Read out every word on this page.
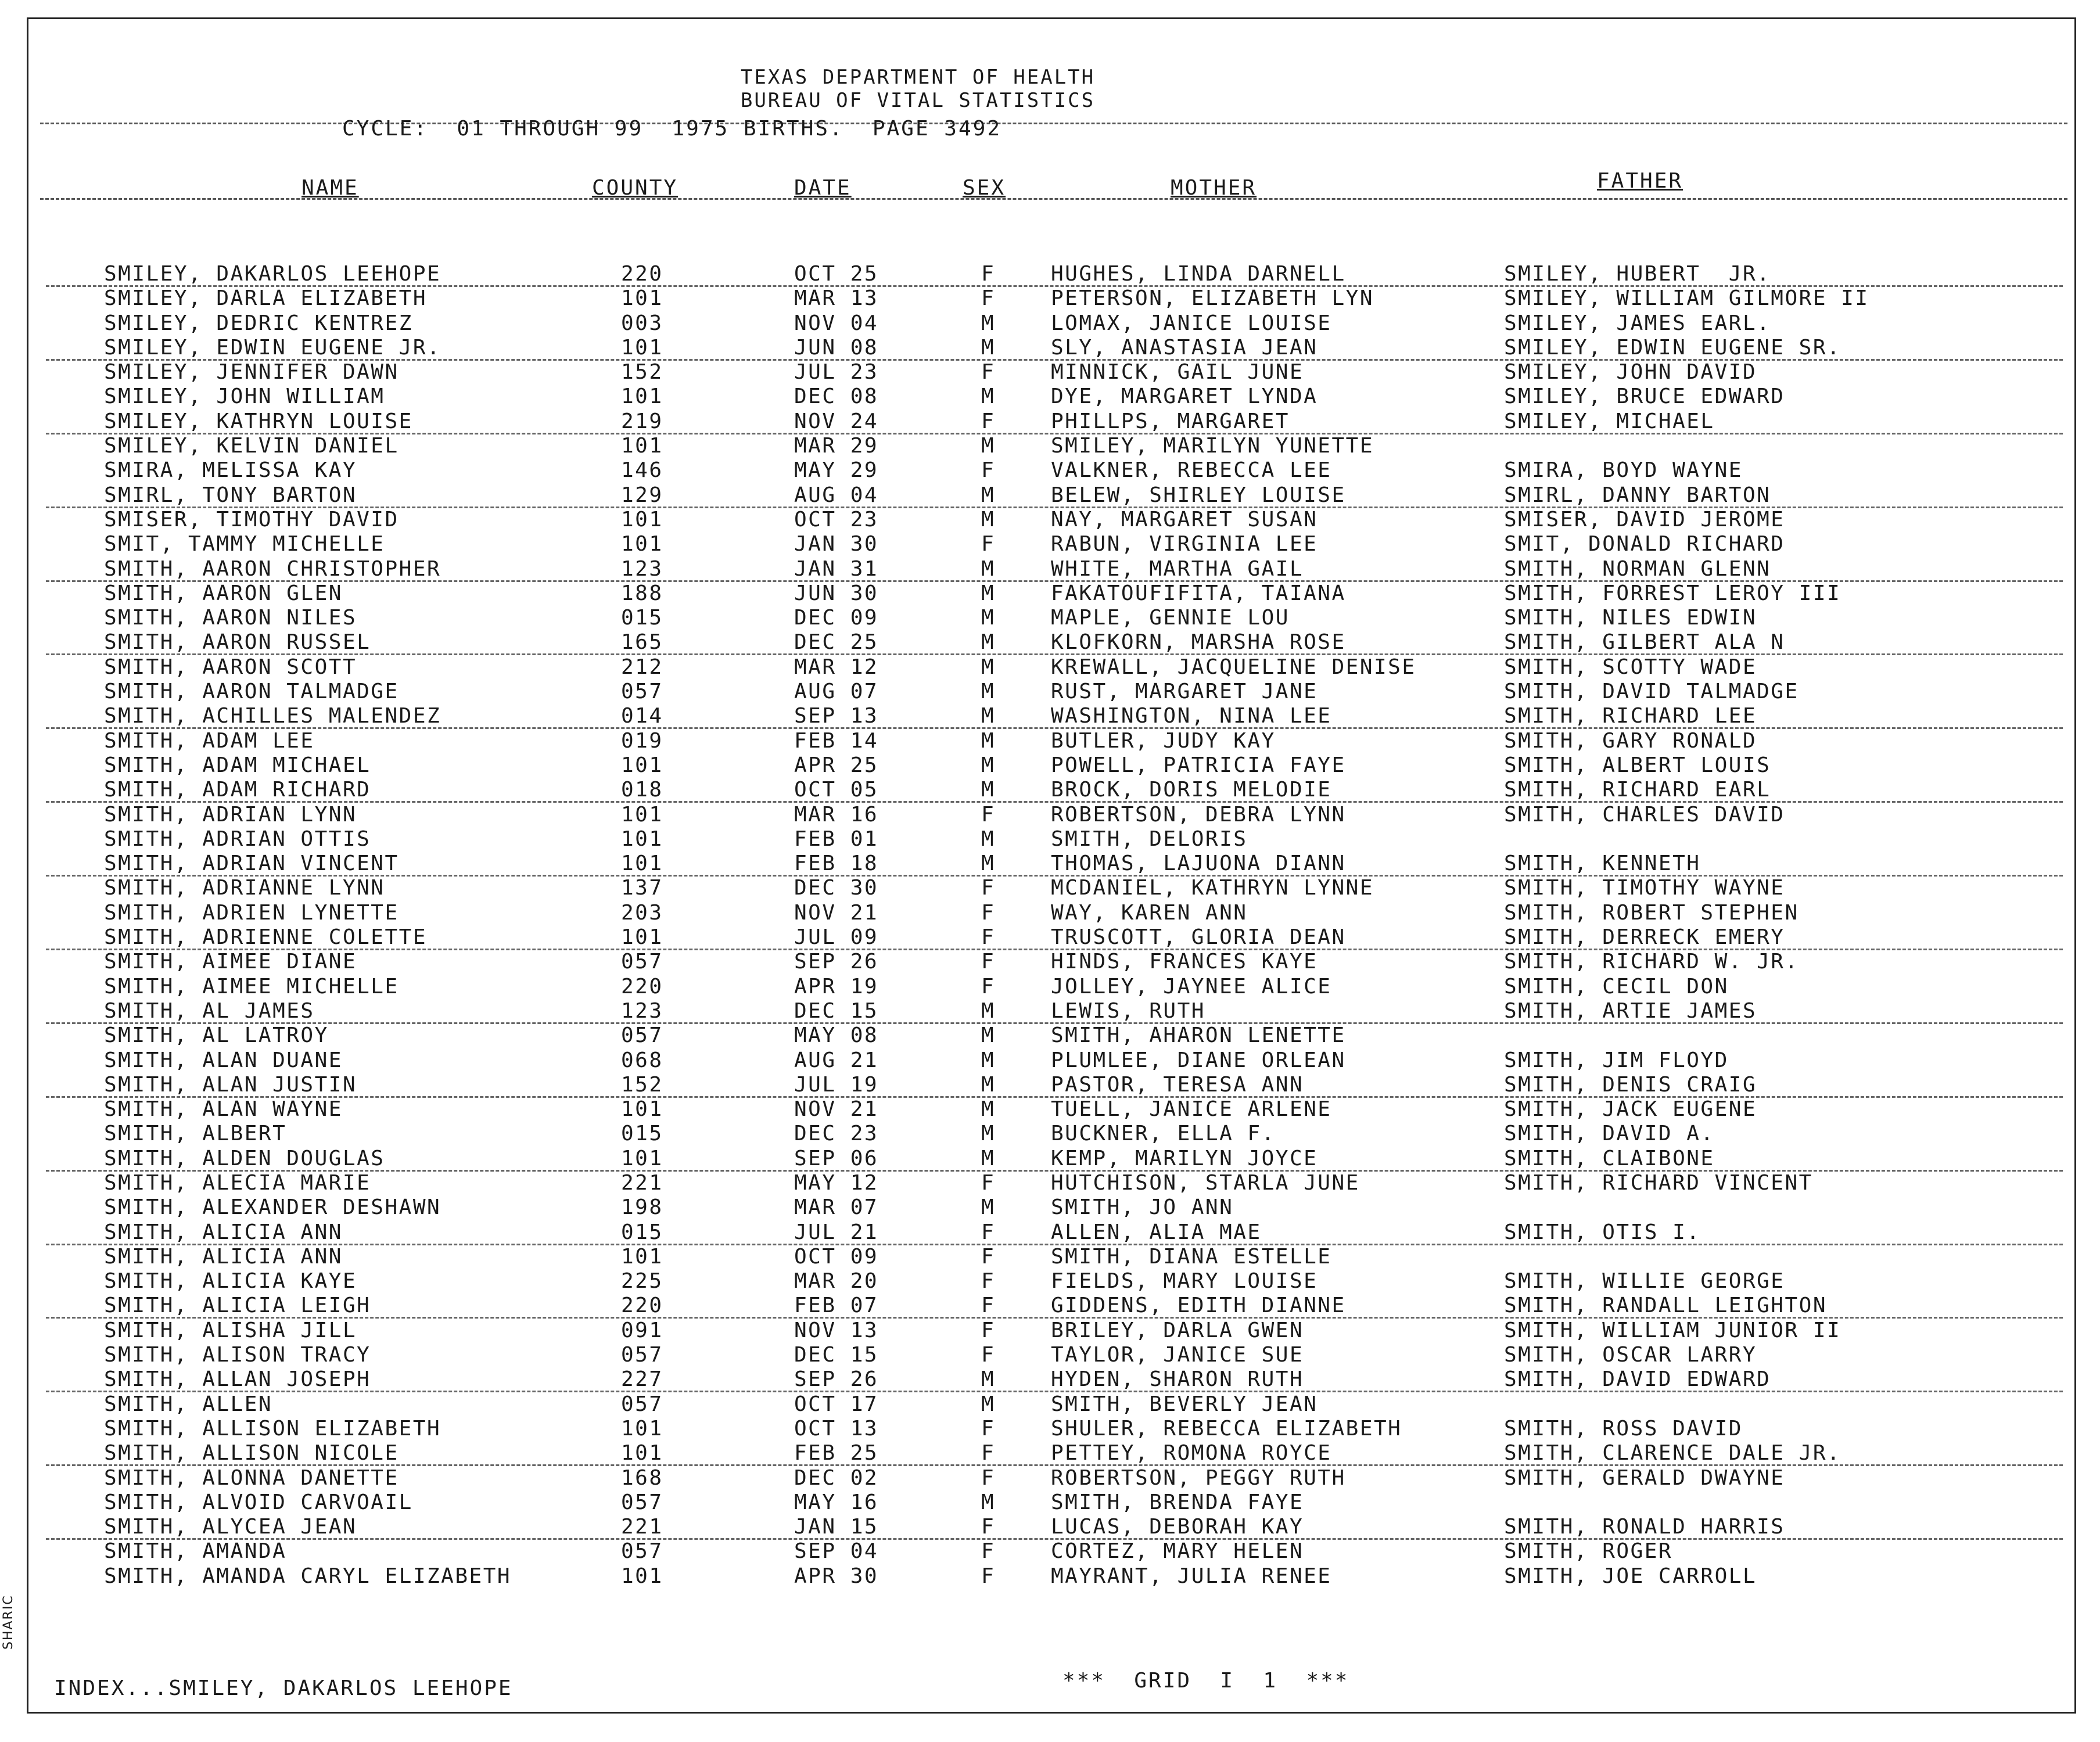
SHARIC
TEXAS DEPARTMENT OF HEALTH
BUREAU OF VITAL STATISTICS
CYCLE:  01 THROUGH 99  1975 BIRTHS.  PAGE 3492
NAME	COUNTY	DATE	SEX	MOTHER	FATHER
SMILEY, DAKARLOS LEEHOPE	220	OCT 25	F	HUGHES, LINDA DARNELL	SMILEY, HUBERT  JR.
SMILEY, DARLA ELIZABETH	101	MAR 13	F	PETERSON, ELIZABETH LYN	SMILEY, WILLIAM GILMORE II
SMILEY, DEDRIC KENTREZ	003	NOV 04	M	LOMAX, JANICE LOUISE	SMILEY, JAMES EARL.
SMILEY, EDWIN EUGENE JR.	101	JUN 08	M	SLY, ANASTASIA JEAN	SMILEY, EDWIN EUGENE SR.
SMILEY, JENNIFER DAWN	152	JUL 23	F	MINNICK, GAIL JUNE	SMILEY, JOHN DAVID
SMILEY, JOHN WILLIAM	101	DEC 08	M	DYE, MARGARET LYNDA	SMILEY, BRUCE EDWARD
SMILEY, KATHRYN LOUISE	219	NOV 24	F	PHILLPS, MARGARET	SMILEY, MICHAEL
SMILEY, KELVIN DANIEL	101	MAR 29	M	SMILEY, MARILYN YUNETTE
SMIRA, MELISSA KAY	146	MAY 29	F	VALKNER, REBECCA LEE	SMIRA, BOYD WAYNE
SMIRL, TONY BARTON	129	AUG 04	M	BELEW, SHIRLEY LOUISE	SMIRL, DANNY BARTON
SMISER, TIMOTHY DAVID	101	OCT 23	M	NAY, MARGARET SUSAN	SMISER, DAVID JEROME
SMIT, TAMMY MICHELLE	101	JAN 30	F	RABUN, VIRGINIA LEE	SMIT, DONALD RICHARD
SMITH, AARON CHRISTOPHER	123	JAN 31	M	WHITE, MARTHA GAIL	SMITH, NORMAN GLENN
SMITH, AARON GLEN	188	JUN 30	M	FAKATOUFIFITA, TAIANA	SMITH, FORREST LEROY III
SMITH, AARON NILES	015	DEC 09	M	MAPLE, GENNIE LOU	SMITH, NILES EDWIN
SMITH, AARON RUSSEL	165	DEC 25	M	KLOFKORN, MARSHA ROSE	SMITH, GILBERT ALA N
SMITH, AARON SCOTT	212	MAR 12	M	KREWALL, JACQUELINE DENISE	SMITH, SCOTTY WADE
SMITH, AARON TALMADGE	057	AUG 07	M	RUST, MARGARET JANE	SMITH, DAVID TALMADGE
SMITH, ACHILLES MALENDEZ	014	SEP 13	M	WASHINGTON, NINA LEE	SMITH, RICHARD LEE
SMITH, ADAM LEE	019	FEB 14	M	BUTLER, JUDY KAY	SMITH, GARY RONALD
SMITH, ADAM MICHAEL	101	APR 25	M	POWELL, PATRICIA FAYE	SMITH, ALBERT LOUIS
SMITH, ADAM RICHARD	018	OCT 05	M	BROCK, DORIS MELODIE	SMITH, RICHARD EARL
SMITH, ADRIAN LYNN	101	MAR 16	F	ROBERTSON, DEBRA LYNN	SMITH, CHARLES DAVID
SMITH, ADRIAN OTTIS	101	FEB 01	M	SMITH, DELORIS
SMITH, ADRIAN VINCENT	101	FEB 18	M	THOMAS, LAJUONA DIANN	SMITH, KENNETH
SMITH, ADRIANNE LYNN	137	DEC 30	F	MCDANIEL, KATHRYN LYNNE	SMITH, TIMOTHY WAYNE
SMITH, ADRIEN LYNETTE	203	NOV 21	F	WAY, KAREN ANN	SMITH, ROBERT STEPHEN
SMITH, ADRIENNE COLETTE	101	JUL 09	F	TRUSCOTT, GLORIA DEAN	SMITH, DERRECK EMERY
SMITH, AIMEE DIANE	057	SEP 26	F	HINDS, FRANCES KAYE	SMITH, RICHARD W. JR.
SMITH, AIMEE MICHELLE	220	APR 19	F	JOLLEY, JAYNEE ALICE	SMITH, CECIL DON
SMITH, AL JAMES	123	DEC 15	M	LEWIS, RUTH	SMITH, ARTIE JAMES
SMITH, AL LATROY	057	MAY 08	M	SMITH, AHARON LENETTE
SMITH, ALAN DUANE	068	AUG 21	M	PLUMLEE, DIANE ORLEAN	SMITH, JIM FLOYD
SMITH, ALAN JUSTIN	152	JUL 19	M	PASTOR, TERESA ANN	SMITH, DENIS CRAIG
SMITH, ALAN WAYNE	101	NOV 21	M	TUELL, JANICE ARLENE	SMITH, JACK EUGENE
SMITH, ALBERT	015	DEC 23	M	BUCKNER, ELLA F.	SMITH, DAVID A.
SMITH, ALDEN DOUGLAS	101	SEP 06	M	KEMP, MARILYN JOYCE	SMITH, CLAIBONE
SMITH, ALECIA MARIE	221	MAY 12	F	HUTCHISON, STARLA JUNE	SMITH, RICHARD VINCENT
SMITH, ALEXANDER DESHAWN	198	MAR 07	M	SMITH, JO ANN
SMITH, ALICIA ANN	015	JUL 21	F	ALLEN, ALIA MAE	SMITH, OTIS I.
SMITH, ALICIA ANN	101	OCT 09	F	SMITH, DIANA ESTELLE
SMITH, ALICIA KAYE	225	MAR 20	F	FIELDS, MARY LOUISE	SMITH, WILLIE GEORGE
SMITH, ALICIA LEIGH	220	FEB 07	F	GIDDENS, EDITH DIANNE	SMITH, RANDALL LEIGHTON
SMITH, ALISHA JILL	091	NOV 13	F	BRILEY, DARLA GWEN	SMITH, WILLIAM JUNIOR II
SMITH, ALISON TRACY	057	DEC 15	F	TAYLOR, JANICE SUE	SMITH, OSCAR LARRY
SMITH, ALLAN JOSEPH	227	SEP 26	M	HYDEN, SHARON RUTH	SMITH, DAVID EDWARD
SMITH, ALLEN	057	OCT 17	M	SMITH, BEVERLY JEAN
SMITH, ALLISON ELIZABETH	101	OCT 13	F	SHULER, REBECCA ELIZABETH	SMITH, ROSS DAVID
SMITH, ALLISON NICOLE	101	FEB 25	F	PETTEY, ROMONA ROYCE	SMITH, CLARENCE DALE JR.
SMITH, ALONNA DANETTE	168	DEC 02	F	ROBERTSON, PEGGY RUTH	SMITH, GERALD DWAYNE
SMITH, ALVOID CARVOAIL	057	MAY 16	M	SMITH, BRENDA FAYE
SMITH, ALYCEA JEAN	221	JAN 15	F	LUCAS, DEBORAH KAY	SMITH, RONALD HARRIS
SMITH, AMANDA	057	SEP 04	F	CORTEZ, MARY HELEN	SMITH, ROGER
SMITH, AMANDA CARYL ELIZABETH	101	APR 30	F	MAYRANT, JULIA RENEE	SMITH, JOE CARROLL
INDEX...SMILEY, DAKARLOS LEEHOPE	***  GRID  I  1  ***
